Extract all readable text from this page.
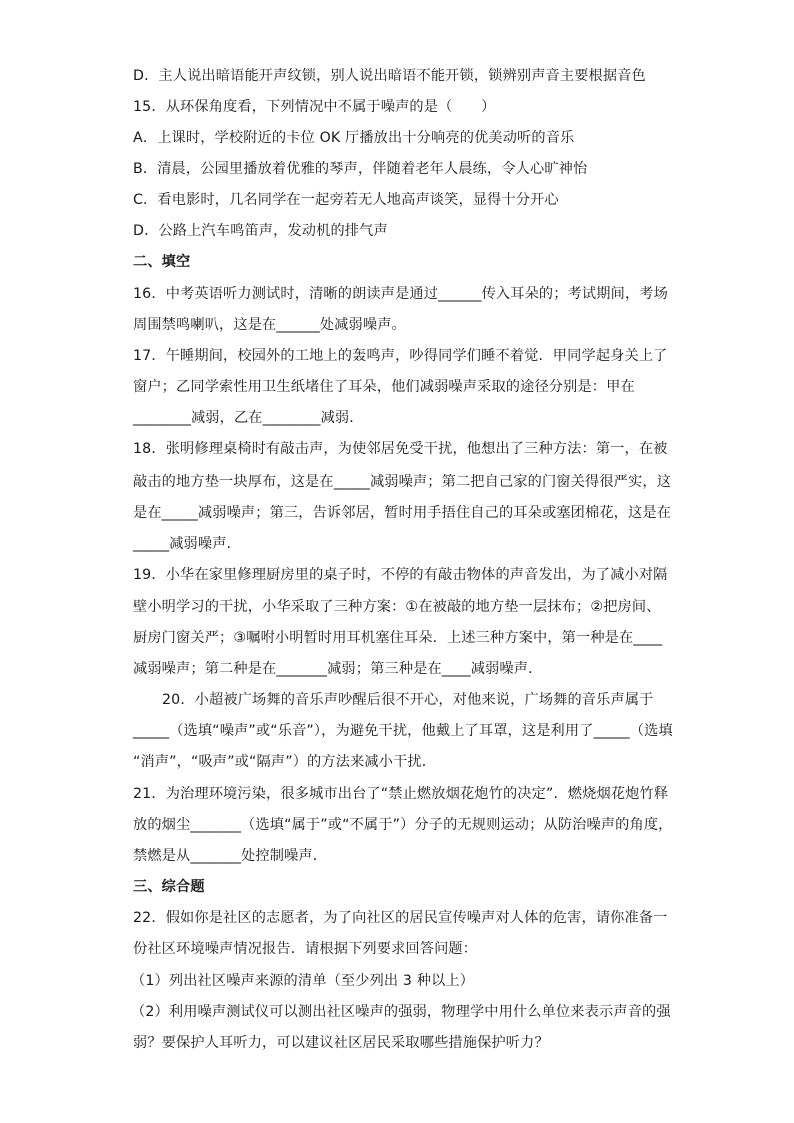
D．主人说出暗语能开声纹锁，别人说出暗语不能开锁，锁辨别声音主要根据音色
15．从环保角度看，下列情况中不属于噪声的是（　　）
A．上课时，学校附近的卡位 OK 厅播放出十分响亮的优美动听的音乐
B．清晨，公园里播放着优雅的琴声，伴随着老年人晨练，令人心旷神怡
C．看电影时，几名同学在一起旁若无人地高声谈笑，显得十分开心
D．公路上汽车鸣笛声，发动机的排气声
二、填空
16．中考英语听力测试时，清晰的朗读声是通过______传入耳朵的；考试期间，考场
周围禁鸣喇叭，这是在______处减弱噪声。
17．午睡期间，校园外的工地上的轰鸣声，吵得同学们睡不着觉．甲同学起身关上了
窗户；乙同学索性用卫生纸堵住了耳朵，他们减弱噪声采取的途径分别是：甲在
________减弱，乙在________减弱．
18．张明修理桌椅时有敲击声，为使邻居免受干扰，他想出了三种方法：第一，在被
敲击的地方垫一块厚布，这是在_____减弱噪声；第二把自己家的门窗关得很严实，这
是在_____减弱噪声；第三，告诉邻居，暂时用手捂住自己的耳朵或塞团棉花，这是在
_____减弱噪声．
19．小华在家里修理厨房里的桌子时，不停的有敲击物体的声音发出，为了减小对隔
壁小明学习的干扰，小华采取了三种方案：①在被敲的地方垫一层抹布；②把房间、
厨房门窗关严；③嘱咐小明暂时用耳机塞住耳朵．上述三种方案中，第一种是在____
减弱噪声；第二种是在_______减弱；第三种是在____减弱噪声．
20．小超被广场舞的音乐声吵醒后很不开心，对他来说，广场舞的音乐声属于
_____（选填“噪声”或“乐音”），为避免干扰，他戴上了耳罩，这是利用了_____（选填
“消声”，“吸声”或“隔声”）的方法来减小干扰．
21．为治理环境污染，很多城市出台了“禁止燃放烟花炮竹的决定”．燃烧烟花炮竹释
放的烟尘_______（选填“属于”或“不属于”）分子的无规则运动；从防治噪声的角度，
禁燃是从_______处控制噪声．
三、综合题
22．假如你是社区的志愿者，为了向社区的居民宣传噪声对人体的危害，请你准备一
份社区环境噪声情况报告．请根据下列要求回答问题：
（1）列出社区噪声来源的清单（至少列出 3 种以上）
（2）利用噪声测试仪可以测出社区噪声的强弱，物理学中用什么单位来表示声音的强
弱？要保护人耳听力，可以建议社区居民采取哪些措施保护听力？
